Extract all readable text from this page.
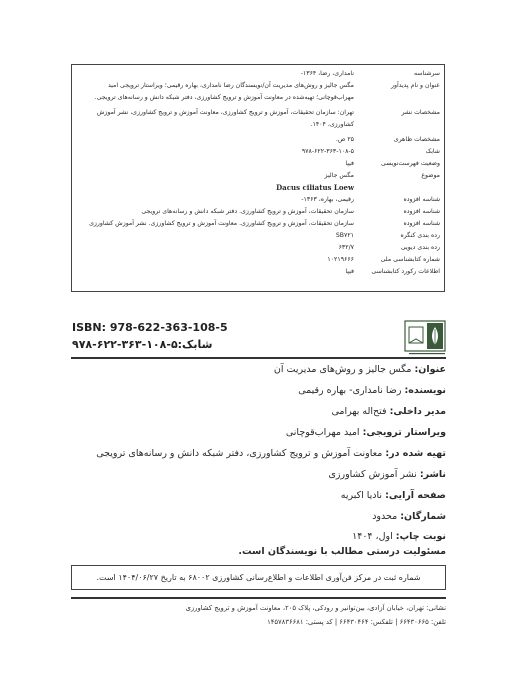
سرشناسه
نامداری، رضا، ۱۳۶۴-
عنوان و نام پدیدآور
مگس جالیز و روش‌های مدیریت آن/نویسندگان رضا نامداری، بهاره رقیمی؛ ویراستار ترویجی امید
مهراب‌قوچانی؛ تهیه‌شده در معاونت آموزش و ترویج کشاورزی، دفتر شبکه دانش و رسانه‌های ترویجی.
مشخصات نشر
تهران: سازمان تحقیقات، آموزش و ترویج کشاورزی، معاونت آموزش و ترویج کشاورزی، نشر آموزش
کشاورزی، ۱۴۰۴.
مشخصات ظاهری
۲۵ ص.
شابک
۹۷۸-۶۲۲-۳۶۳-۱۰۸-۵
وضعیت فهرست‌نویسی
فیپا
موضوع
مگس جالیز
Dacus ciliatus Loew
شناسه افزوده
رقیمی، بهاره، ۱۳۶۳-
شناسه افزوده
سازمان تحقیقات، آموزش و ترویج کشاورزی. دفتر شبکه دانش و رسانه‌های ترویجی
شناسه افزوده
سازمان تحقیقات، آموزش و ترویج کشاورزی. معاونت آموزش و ترویج کشاورزی. نشر آموزش کشاورزی
رده بندی کنگره
SB۷۲۱
رده بندی دیویی
۶۳۲/۷
شماره کتابشناسی ملی
۱۰۲۱۹۶۶۶
اطلاعات رکورد کتابشناسی
فیپا
ISBN: 978-622-363-108-5
شابک:۵-۱۰۸-۳۶۳-۶۲۲-۹۷۸
عنوان: مگس جالیز و روش‌های مدیریت آن
نویسنده: رضا نامداری- بهاره رقیمی
مدیر داخلی: فتح‌اله بهرامی
ویراستار ترویجی: امید مهراب‌قوچانی
تهیه شده در: معاونت آموزش و ترویج کشاورزی، دفتر شبکه دانش و رسانه‌های ترویجی
ناشر: نشر آموزش کشاورزی
صفحه آرایی: نادیا اکبریه
شمارگان: محدود
نوبت چاپ: اول، ۱۴۰۴
مسئولیت درستی مطالب با نویسندگان است.
شماره ثبت در مرکز فن‌آوری اطلاعات و اطلاع‌رسانی کشاورزی ۶۸۰۰۲ به تاریخ ۱۴۰۴/۰۶/۲۷ است.
نشانی: تهران، خیابان آزادی، بین‌توانیر و رودکی، پلاک ۲۰۵، معاونت آموزش و ترویج کشاورزی
تلفن: ۶۶۴۳۰۶۶۵ | تلفکس: ۶۶۴۳۰۴۶۴ | کد پستی: ۱۴۵۷۸۳۶۶۸۱
